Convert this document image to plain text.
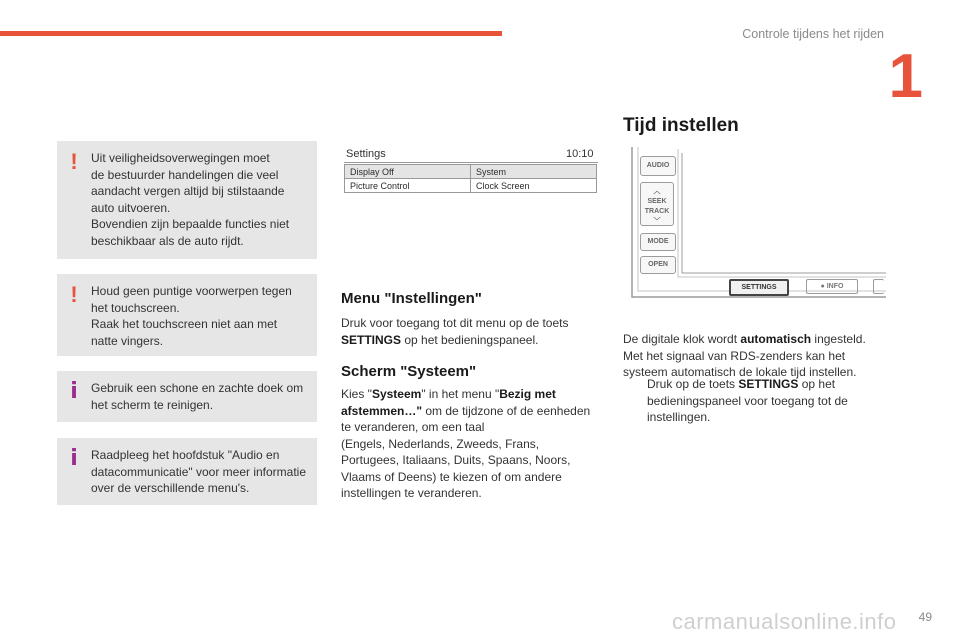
Controle tijdens het rijden
1
! Uit veiligheidsoverwegingen moet
de bestuurder handelingen die veel
aandacht vergen altijd bij stilstaande
auto uitvoeren.
Bovendien zijn bepaalde functies niet
beschikbaar als de auto rijdt.

! Houd geen puntige voorwerpen tegen
het touchscreen.
Raak het touchscreen niet aan met
natte vingers.

i Gebruik een schone en zachte doek om
het scherm te reinigen.

i Raadpleeg het hoofdstuk "Audio en
datacommunicatie" voor meer informatie
over de verschillende menu's.

Settings	10:10
Display Off	System
Picture Control	Clock Screen
Menu "Instellingen"
Druk voor toegang tot dit menu op de toets
SETTINGS op het bedieningspaneel.
Scherm "Systeem"
Kies "Systeem" in het menu "Bezig met afstemmen…" om de tijdzone of de eenheden te veranderen, om een taal
(Engels, Nederlands, Zweeds, Frans,
Portugees, Italiaans, Duits, Spaans, Noors,
Vlaams of Deens) te kiezen of om andere
instellingen te veranderen.
Tijd instellen
AUDIO
︿
SEEK
TRACK
﹀
MODE
OPEN
SETTINGS	● INFO
De digitale klok wordt automatisch ingesteld.
Met het signaal van RDS-zenders kan het
systeem automatisch de lokale tijd instellen.
Druk op de toets SETTINGS op het
bedieningspaneel voor toegang tot de
instellingen.
49
carmanualsonline.info
